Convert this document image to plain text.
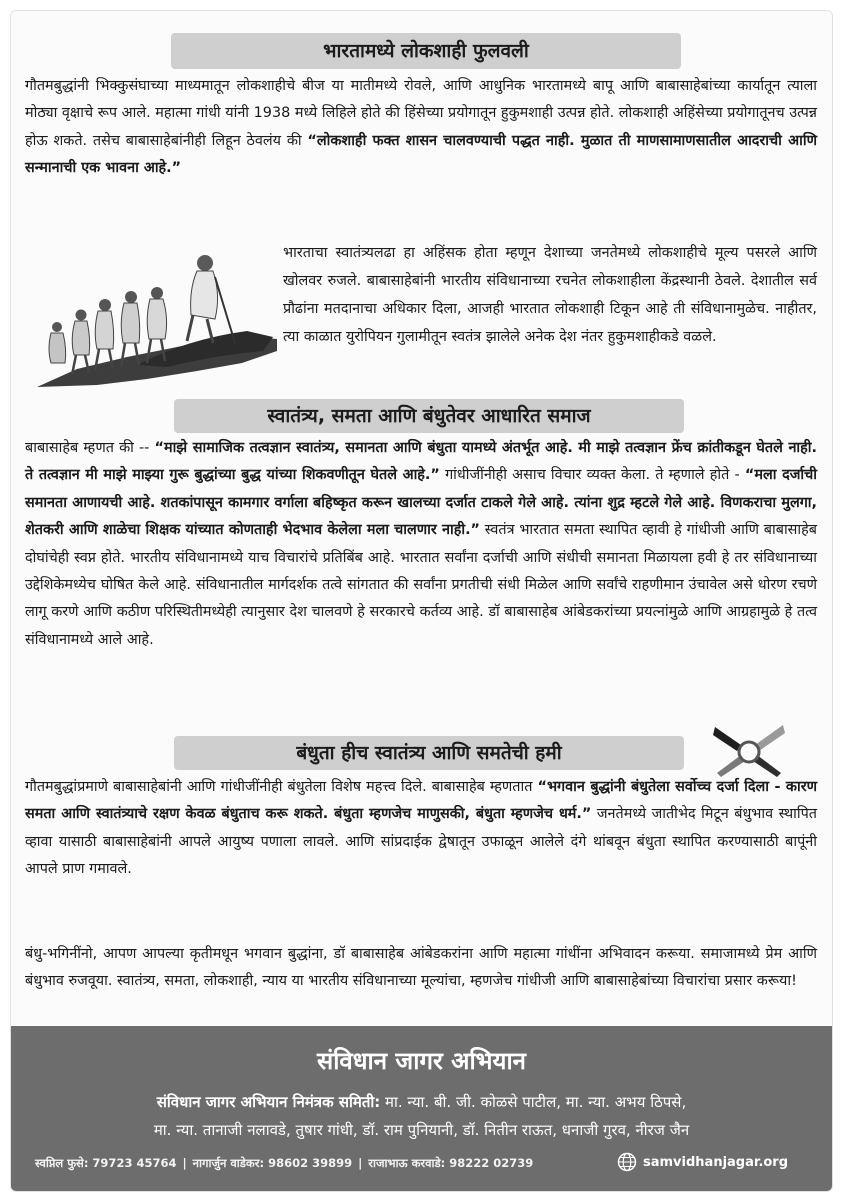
भारतामध्ये लोकशाही फुलवली

गौतमबुद्धांनी भिक्कुसंघाच्या माध्यमातून लोकशाहीचे बीज या मातीमध्ये रोवले, आणि आधुनिक भारतामध्ये बापू आणि बाबासाहेबांच्या कार्यातून त्याला मोठ्या वृक्षाचे रूप आले. महात्मा गांधी यांनी 1938 मध्ये लिहिले होते की हिंसेच्या प्रयोगातून हुकुमशाही उत्पन्न होते. लोकशाही अहिंसेच्या प्रयोगातूनच उत्पन्न होऊ शकते. तसेच बाबासाहेबांनीही लिहून ठेवलंय की “लोकशाही फक्त शासन चालवण्याची पद्धत नाही. मुळात ती माणसामाणसातील आदराची आणि सन्मानाची एक भावना आहे.”

भारताचा स्वातंत्र्यलढा हा अहिंसक होता म्हणून देशाच्या जनतेमध्ये लोकशाहीचे मूल्य पसरले आणि खोलवर रुजले. बाबासाहेबांनी भारतीय संविधानाच्या रचनेत लोकशाहीला केंद्रस्थानी ठेवले. देशातील सर्व प्रौढांना मतदानाचा अधिकार दिला, आजही भारतात लोकशाही टिकून आहे ती संविधानामुळेच. नाहीतर, त्या काळात युरोपियन गुलामीतून स्वतंत्र झालेले अनेक देश नंतर हुकुमशाहीकडे वळले.

स्वातंत्र्य, समता आणि बंधुतेवर आधारित समाज

बाबासाहेब म्हणत की -- “माझे सामाजिक तत्वज्ञान स्वातंत्र्य, समानता आणि बंधुता यामध्ये अंतर्भूत आहे. मी माझे तत्वज्ञान फ्रेंच क्रांतीकडून घेतले नाही. ते तत्वज्ञान मी माझे माझ्या गुरू बुद्धांच्या बुद्ध यांच्या शिकवणीतून घेतले आहे.” गांधीजींनीही असाच विचार व्यक्त केला. ते म्हणाले होते - “मला दर्जाची समानता आणायची आहे. शतकांपासून कामगार वर्गाला बहिष्कृत करून खालच्या दर्जात टाकले गेले आहे. त्यांना शुद्र म्हटले गेले आहे. विणकराचा मुलगा, शेतकरी आणि शाळेचा शिक्षक यांच्यात कोणताही भेदभाव केलेला मला चालणार नाही.” स्वतंत्र भारतात समता स्थापित व्हावी हे गांधीजी आणि बाबासाहेब दोघांचेही स्वप्न होते. भारतीय संविधानामध्ये याच विचारांचे प्रतिबिंब आहे. भारतात सर्वांना दर्जाची आणि संधीची समानता मिळायला हवी हे तर संविधानाच्या उद्देशिकेमध्येच घोषित केले आहे. संविधानातील मार्गदर्शक तत्वे सांगतात की सर्वांना प्रगतीची संधी मिळेल आणि सर्वांचे राहणीमान उंचावेल असे धोरण रचणे लागू करणे आणि कठीण परिस्थितीमध्येही त्यानुसार देश चालवणे हे सरकारचे कर्तव्य आहे. डॉ बाबासाहेब आंबेडकरांच्या प्रयत्नांमुळे आणि आग्रहामुळे हे तत्व संविधानामध्ये आले आहे.

बंधुता हीच स्वातंत्र्य आणि समतेची हमी

गौतमबुद्धांप्रमाणे बाबासाहेबांनी आणि गांधीजींनीही बंधुतेला विशेष महत्त्व दिले. बाबासाहेब म्हणतात “भगवान बुद्धांनी बंधुतेला सर्वोच्च दर्जा दिला - कारण समता आणि स्वातंत्र्याचे रक्षण केवळ बंधुताच करू शकते. बंधुता म्हणजेच माणुसकी, बंधुता म्हणजेच धर्म.” जनतेमध्ये जातीभेद मिटून बंधुभाव स्थापित व्हावा यासाठी बाबासाहेबांनी आपले आयुष्य पणाला लावले. आणि सांप्रदाईक द्वेषातून उफाळून आलेले दंगे थांबवून बंधुता स्थापित करण्यासाठी बापूंनी आपले प्राण गमावले.

बंधु-भगिनींनो, आपण आपल्या कृतीमधून भगवान बुद्धांना, डॉ बाबासाहेब आंबेडकरांना आणि महात्मा गांधींना अभिवादन करूया. समाजामध्ये प्रेम आणि बंधुभाव रुजवूया. स्वातंत्र्य, समता, लोकशाही, न्याय या भारतीय संविधानाच्या मूल्यांचा, म्हणजेच गांधीजी आणि बाबासाहेबांच्या विचारांचा प्रसार करूया!

संविधान जागर अभियान
संविधान जागर अभियान निमंत्रक समिती: मा. न्या. बी. जी. कोळसे पाटील, मा. न्या. अभय ठिपसे,
मा. न्या. तानाजी नलावडे, तुषार गांधी, डॉ. राम पुनियानी, डॉ. नितीन राऊत, धनाजी गुरव, नीरज जैन
स्वप्निल फुसे: 79723 45764 | नागार्जुन वाडेकर: 98602 39899 | राजाभाऊ करवाडे: 98222 02739	samvidhanjagar.org
